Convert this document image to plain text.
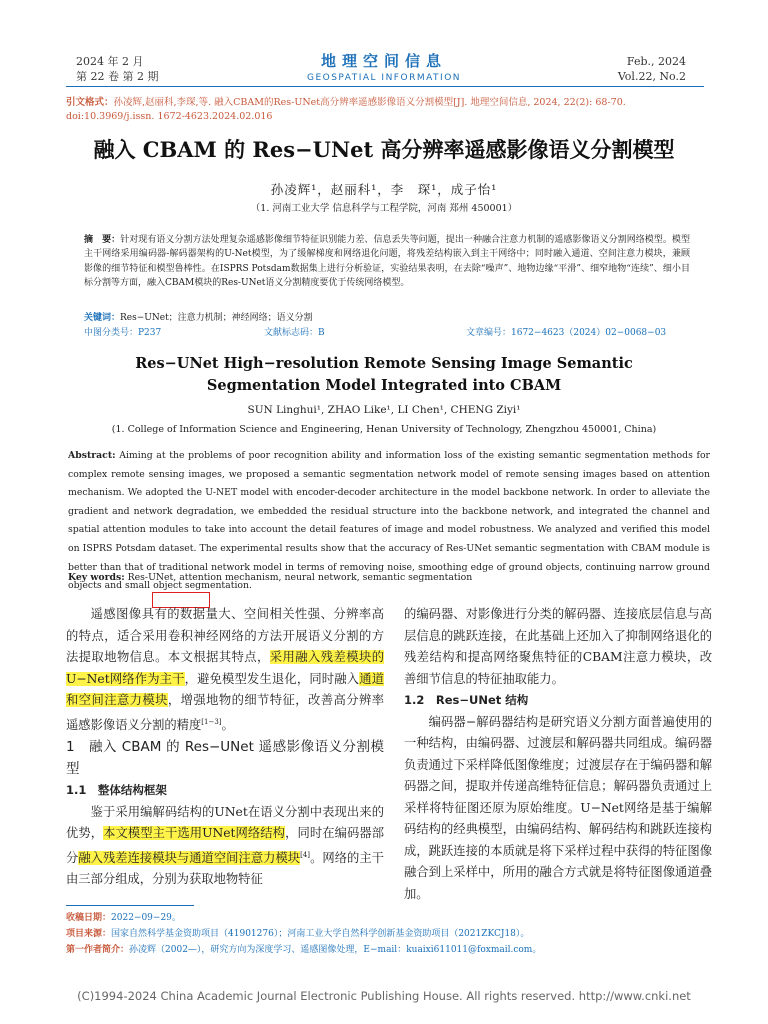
2024 年 2 月
第 22 卷 第 2 期
地理空间信息
GEOSPATIAL INFORMATION
Feb., 2024
Vol.22, No.2
引文格式：孙凌辉,赵丽科,李琛,等. 融入CBAM的Res-UNet高分辨率遥感影像语义分割模型[J]. 地理空间信息, 2024, 22(2): 68-70. doi:10.3969/j.issn. 1672-4623.2024.02.016
融入 CBAM 的 Res−UNet 高分辨率遥感影像语义分割模型
孙凌辉¹，赵丽科¹，李　琛¹，成子怡¹
（1. 河南工业大学 信息科学与工程学院，河南 郑州 450001）
摘　要：针对现有语义分割方法处理复杂遥感影像细节特征识别能力差、信息丢失等问题，提出一种融合注意力机制的遥感影像语义分割网络模型。模型主干网络采用编码器-解码器架构的U-Net模型，为了缓解梯度和网络退化问题，将残差结构嵌入到主干网络中；同时融入通道、空间注意力模块，兼顾影像的细节特征和模型鲁棒性。在ISPRS Potsdam数据集上进行分析验证，实验结果表明，在去除“噪声”、地物边缘“平滑”、细窄地物“连续”、细小目标分割等方面，融入CBAM模块的Res-UNet语义分割精度要优于传统网络模型。
关键词：Res−UNet；注意力机制；神经网络；语义分割
中图分类号：P237	文献标志码：B	文章编号：1672−4623（2024）02−0068−03
Res−UNet High−resolution Remote Sensing Image Semantic
Segmentation Model Integrated into CBAM
SUN Linghui¹, ZHAO Like¹, LI Chen¹, CHENG Ziyi¹
(1. College of Information Science and Engineering, Henan University of Technology, Zhengzhou 450001, China)
Abstract: Aiming at the problems of poor recognition ability and information loss of the existing semantic segmentation methods for complex remote sensing images, we proposed a semantic segmentation network model of remote sensing images based on attention mechanism. We adopted the U-NET model with encoder-decoder architecture in the model backbone network. In order to alleviate the gradient and network degradation, we embedded the residual structure into the backbone network, and integrated the channel and spatial attention modules to take into account the detail features of image and model robustness. We analyzed and verified this model on ISPRS Potsdam dataset. The experimental results show that the accuracy of Res-UNet semantic segmentation with CBAM module is better than that of traditional network model in terms of removing noise, smoothing edge of ground objects, continuing narrow ground objects and small object segmentation.
Key words: Res-UNet, attention mechanism, neural network, semantic segmentation

遥感图像具有的数据量大、空间相关性强、分辨率高的特点，适合采用卷积神经网络的方法开展语义分割的方法提取地物信息。本文根据其特点，采用融入残差模块的U−Net网络作为主干，避免模型发生退化，同时融入通道和空间注意力模块，增强地物的细节特征，改善高分辨率遥感影像语义分割的精度[1−3]。

1　融入 CBAM 的 Res−UNet 遥感影像语义分割模型

1.1　整体结构框架

鉴于采用编解码结构的UNet在语义分割中表现出来的优势，本文模型主干选用UNet网络结构，同时在编码器部分融入残差连接模块与通道空间注意力模块[4]。网络的主干由三部分组成，分别为获取地物特征

的编码器、对影像进行分类的解码器、连接底层信息与高层信息的跳跃连接，在此基础上还加入了抑制网络退化的残差结构和提高网络聚焦特征的CBAM注意力模块，改善细节信息的特征抽取能力。

1.2　Res−UNet 结构

编码器−解码器结构是研究语义分割方面普遍使用的一种结构，由编码器、过渡层和解码器共同组成。编码器负责通过下采样降低图像维度；过渡层存在于编码器和解码器之间，提取并传递高维特征信息；解码器负责通过上采样将特征图还原为原始维度。U−Net网络是基于编解码结构的经典模型，由编码结构、解码结构和跳跃连接构成，跳跃连接的本质就是将下采样过程中获得的特征图像融合到上采样中，所用的融合方式就是将特征图像通道叠加。

收稿日期：2022−09−29。
项目来源：国家自然科学基金资助项目（41901276）；河南工业大学自然科学创新基金资助项目（2021ZKCJ18）。
第一作者简介：孙凌辉（2002—），研究方向为深度学习、遥感图像处理，E−mail：kuaixi611011@foxmail.com。
(C)1994-2024 China Academic Journal Electronic Publishing House. All rights reserved. http://www.cnki.net
